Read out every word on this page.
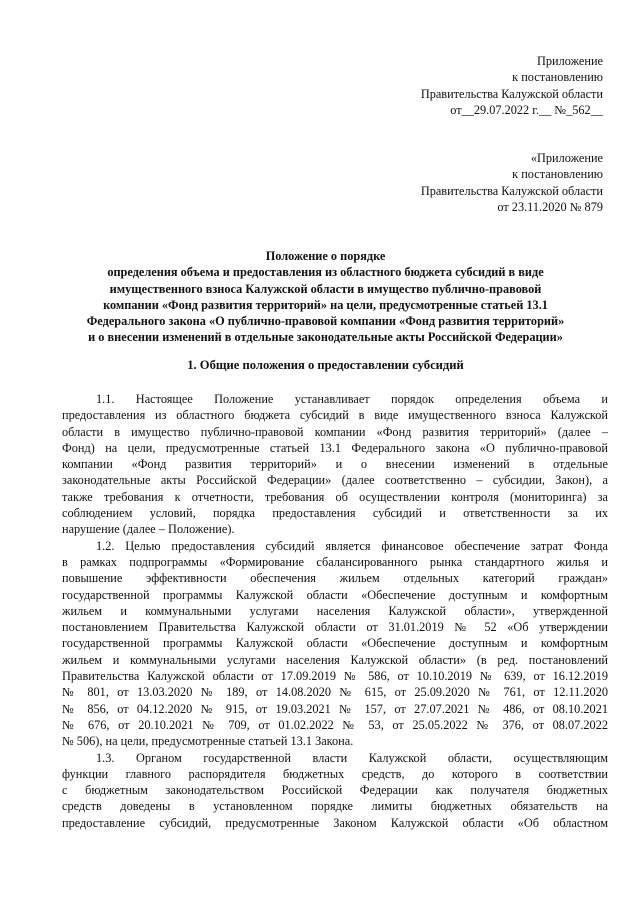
Приложение
к постановлению
Правительства Калужской области
от__29.07.2022 г.__ №_562__
«Приложение
к постановлению
Правительства Калужской области
от 23.11.2020 № 879
Положение о порядке
определения объема и предоставления из областного бюджета субсидий в виде
имущественного взноса Калужской области в имущество публично-правовой
компании «Фонд развития территорий» на цели, предусмотренные статьей 13.1
Федерального закона «О публично-правовой компании «Фонд развития территорий»
и о внесении изменений в отдельные законодательные акты Российской Федерации»
1. Общие положения о предоставлении субсидий
1.1. Настоящее Положение устанавливает порядок определения объема и
предоставления из областного бюджета субсидий в виде имущественного взноса Калужской
области в имущество публично-правовой компании «Фонд развития территорий» (далее –
Фонд) на цели, предусмотренные статьей 13.1 Федерального закона «О публично-правовой
компании «Фонд развития территорий» и о внесении изменений в отдельные
законодательные акты Российской Федерации» (далее соответственно – субсидии, Закон), а
также требования к отчетности, требования об осуществлении контроля (мониторинга) за
соблюдением условий, порядка предоставления субсидий и ответственности за их
нарушение (далее – Положение).
1.2. Целью предоставления субсидий является финансовое обеспечение затрат Фонда
в рамках подпрограммы «Формирование сбалансированного рынка стандартного жилья и
повышение эффективности обеспечения жильем отдельных категорий граждан»
государственной программы Калужской области «Обеспечение доступным и комфортным
жильем и коммунальными услугами населения Калужской области», утвержденной
постановлением Правительства Калужской области от 31.01.2019 № 52 «Об утверждении
государственной программы Калужской области «Обеспечение доступным и комфортным
жильем и коммунальными услугами населения Калужской области» (в ред. постановлений
Правительства Калужской области от 17.09.2019 № 586, от 10.10.2019 № 639, от 16.12.2019
№ 801, от 13.03.2020 № 189, от 14.08.2020 № 615, от 25.09.2020 № 761, от 12.11.2020
№ 856, от 04.12.2020 № 915, от 19.03.2021 № 157, от 27.07.2021 № 486, от 08.10.2021
№ 676, от 20.10.2021 № 709, от 01.02.2022 № 53, от 25.05.2022 № 376, от 08.07.2022
№ 506), на цели, предусмотренные статьей 13.1 Закона.
1.3. Органом государственной власти Калужской области, осуществляющим
функции главного распорядителя бюджетных средств, до которого в соответствии
с бюджетным законодательством Российской Федерации как получателя бюджетных
средств доведены в установленном порядке лимиты бюджетных обязательств на
предоставление субсидий, предусмотренные Законом Калужской области «Об областном
